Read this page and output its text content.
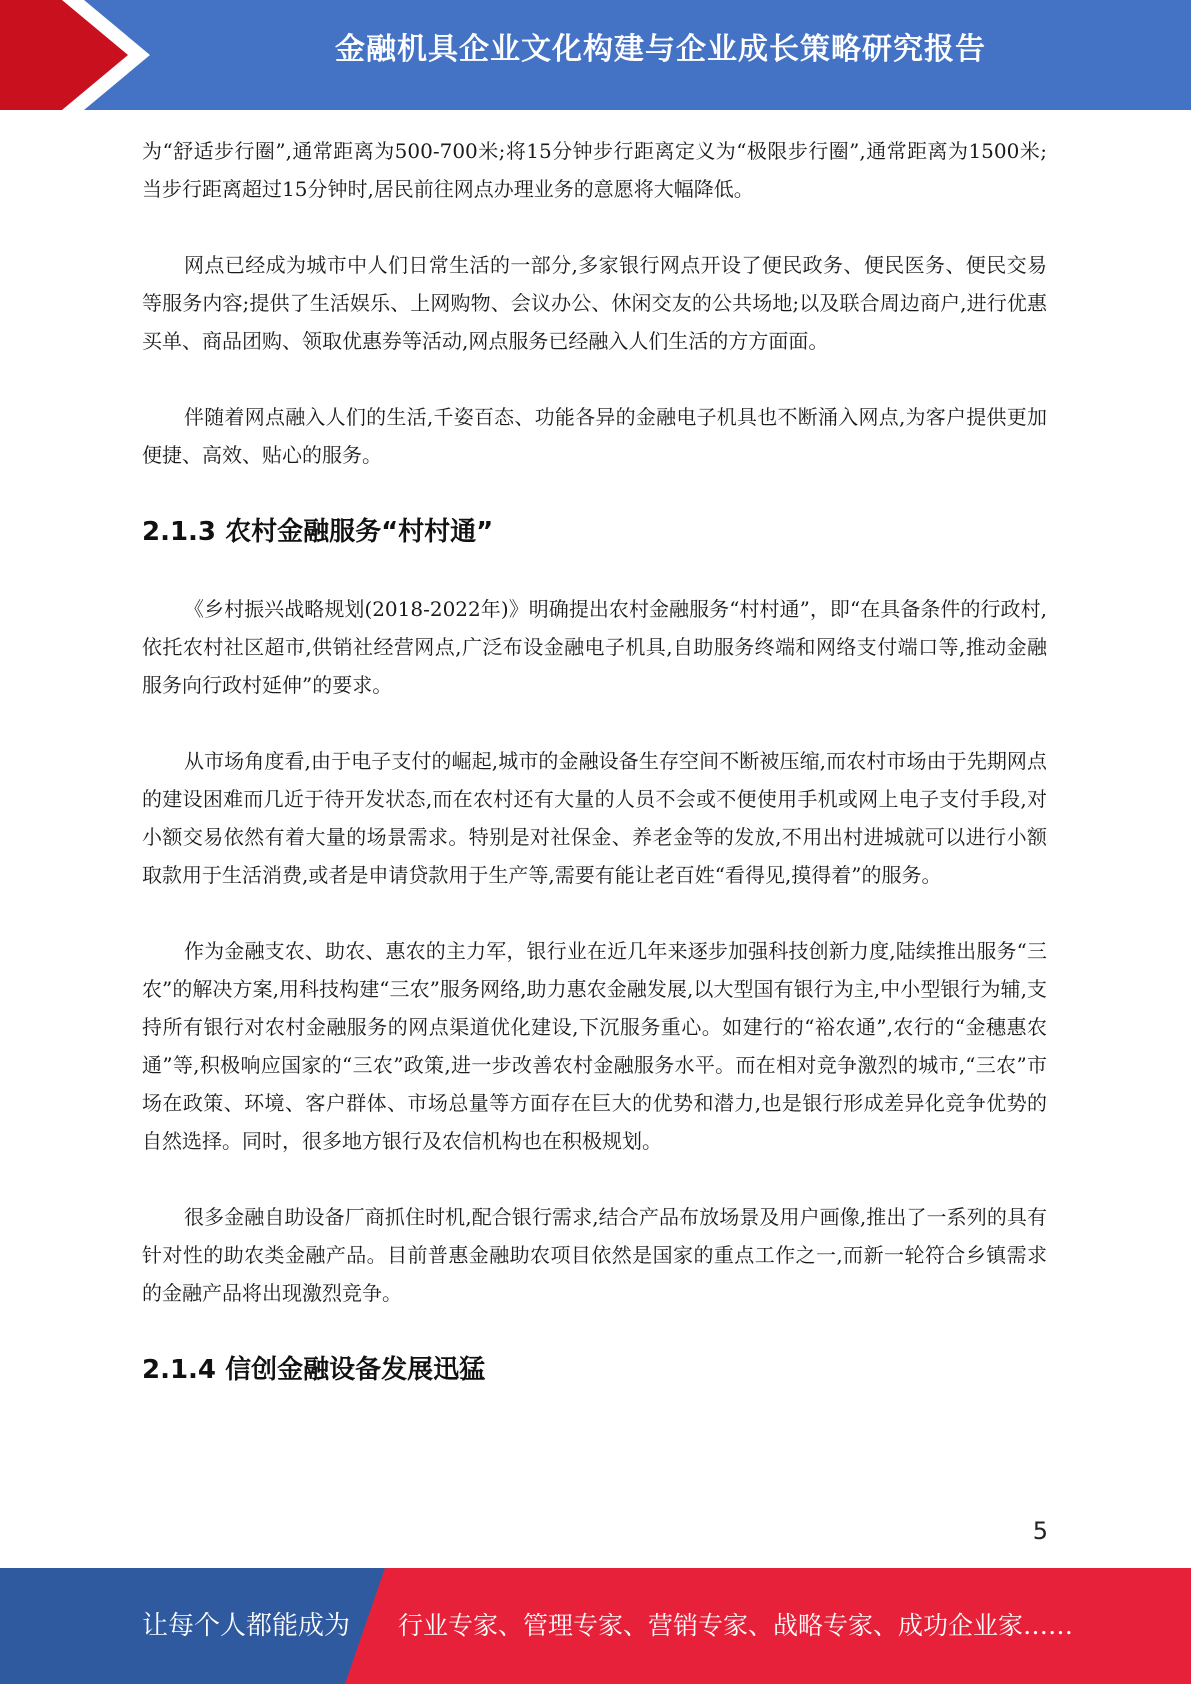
金融机具企业文化构建与企业成长策略研究报告

为“舒适步行圈”,通常距离为500-700米;将15分钟步行距离定义为“极限步行圈”,通常距离为1500米;当步行距离超过15分钟时,居民前往网点办理业务的意愿将大幅降低。

网点已经成为城市中人们日常生活的一部分,多家银行网点开设了便民政务、便民医务、便民交易等服务内容;提供了生活娱乐、上网购物、会议办公、休闲交友的公共场地;以及联合周边商户,进行优惠买单、商品团购、领取优惠券等活动,网点服务已经融入人们生活的方方面面。

伴随着网点融入人们的生活,千姿百态、功能各异的金融电子机具也不断涌入网点,为客户提供更加便捷、高效、贴心的服务。

2.1.3 农村金融服务“村村通”

《乡村振兴战略规划(2018-2022年)》明确提出农村金融服务“村村通”，即“在具备条件的行政村,依托农村社区超市,供销社经营网点,广泛布设金融电子机具,自助服务终端和网络支付端口等,推动金融服务向行政村延伸”的要求。

从市场角度看,由于电子支付的崛起,城市的金融设备生存空间不断被压缩,而农村市场由于先期网点的建设困难而几近于待开发状态,而在农村还有大量的人员不会或不便使用手机或网上电子支付手段,对小额交易依然有着大量的场景需求。特别是对社保金、养老金等的发放,不用出村进城就可以进行小额取款用于生活消费,或者是申请贷款用于生产等,需要有能让老百姓“看得见,摸得着”的服务。

作为金融支农、助农、惠农的主力军，银行业在近几年来逐步加强科技创新力度,陆续推出服务“三农”的解决方案,用科技构建“三农”服务网络,助力惠农金融发展,以大型国有银行为主,中小型银行为辅,支持所有银行对农村金融服务的网点渠道优化建设,下沉服务重心。如建行的“裕农通”,农行的“金穗惠农通”等,积极响应国家的“三农”政策,进一步改善农村金融服务水平。而在相对竞争激烈的城市,“三农”市场在政策、环境、客户群体、市场总量等方面存在巨大的优势和潜力,也是银行形成差异化竞争优势的自然选择。同时，很多地方银行及农信机构也在积极规划。

很多金融自助设备厂商抓住时机,配合银行需求,结合产品布放场景及用户画像,推出了一系列的具有针对性的助农类金融产品。目前普惠金融助农项目依然是国家的重点工作之一,而新一轮符合乡镇需求的金融产品将出现激烈竞争。

2.1.4 信创金融设备发展迅猛
5
让每个人都能成为 行业专家、管理专家、营销专家、战略专家、成功企业家……
